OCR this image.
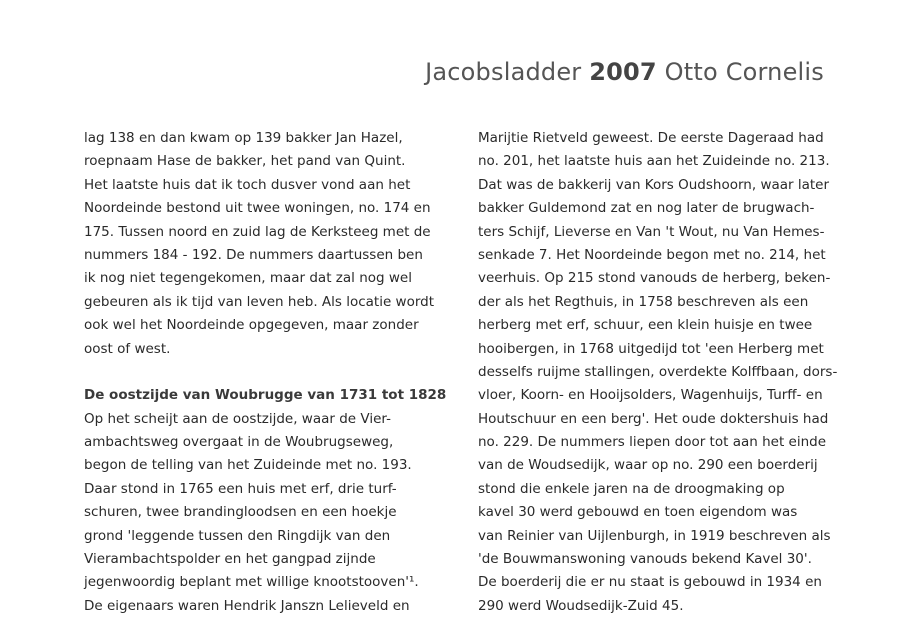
Jacobsladder 2007 Otto Cornelis
lag 138 en dan kwam op 139 bakker Jan Hazel,
roepnaam Hase de bakker, het pand van Quint.
Het laatste huis dat ik toch dusver vond aan het
Noordeinde bestond uit twee woningen, no. 174 en
175. Tussen noord en zuid lag de Kerksteeg met de
nummers 184 - 192. De nummers daartussen ben
ik nog niet tegengekomen, maar dat zal nog wel
gebeuren als ik tijd van leven heb. Als locatie wordt
ook wel het Noordeinde opgegeven, maar zonder
oost of west.
De oostzijde van Woubrugge van 1731 tot 1828
Op het scheijt aan de oostzijde, waar de Vier-
ambachtsweg overgaat in de Woubrugseweg,
begon de telling van het Zuideinde met no. 193.
Daar stond in 1765 een huis met erf, drie turf-
schuren, twee brandingloodsen en een hoekje
grond 'leggende tussen den Ringdijk van den
Vierambachtspolder en het gangpad zijnde
jegenwoordig beplant met willige knootstooven'¹.
De eigenaars waren Hendrik Janszn Lelieveld en
Marijtie Rietveld geweest. De eerste Dageraad had
no. 201, het laatste huis aan het Zuideinde no. 213.
Dat was de bakkerij van Kors Oudshoorn, waar later
bakker Guldemond zat en nog later de brugwach-
ters Schijf, Lieverse en Van 't Wout, nu Van Hemes-
senkade 7. Het Noordeinde begon met no. 214, het
veerhuis. Op 215 stond vanouds de herberg, beken-
der als het Regthuis, in 1758 beschreven als een
herberg met erf, schuur, een klein huisje en twee
hooibergen, in 1768 uitgedijd tot 'een Herberg met
desselfs ruijme stallingen, overdekte Kolffbaan, dors-
vloer, Koorn- en Hooijsolders, Wagenhuijs, Turff- en
Houtschuur en een berg'. Het oude doktershuis had
no. 229. De nummers liepen door tot aan het einde
van de Woudsedijk, waar op no. 290 een boerderij
stond die enkele jaren na de droogmaking op
kavel 30 werd gebouwd en toen eigendom was
van Reinier van Uijlenburgh, in 1919 beschreven als
'de Bouwmanswoning vanouds bekend Kavel 30'.
De boerderij die er nu staat is gebouwd in 1934 en
290 werd Woudsedijk-Zuid 45.
